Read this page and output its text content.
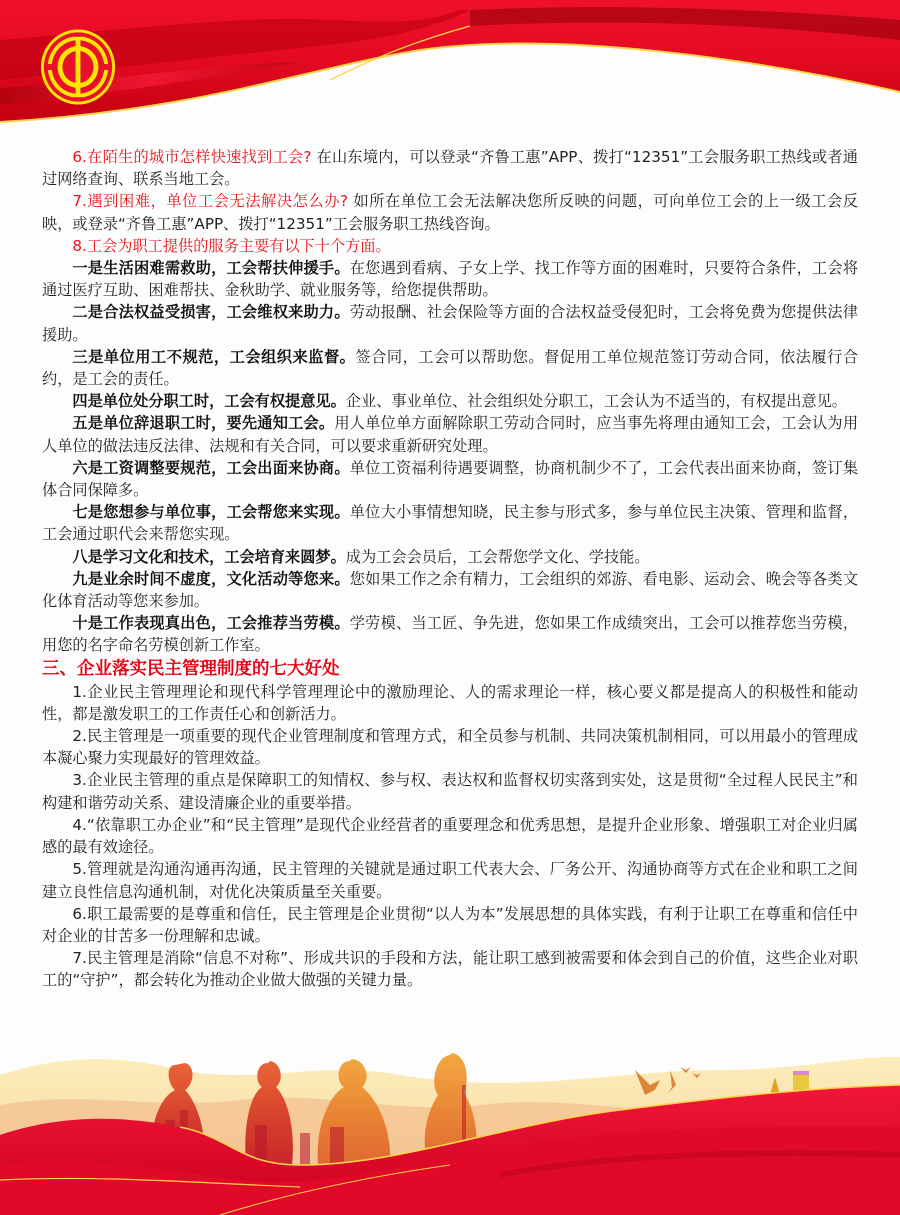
6.在陌生的城市怎样快速找到工会? 在山东境内，可以登录“齐鲁工惠”APP、拨打“12351”工会服务职工热线或者通过网络查询、联系当地工会。

7.遇到困难，单位工会无法解决怎么办? 如所在单位工会无法解决您所反映的问题，可向单位工会的上一级工会反映，或登录“齐鲁工惠”APP、拨打“12351”工会服务职工热线咨询。

8.工会为职工提供的服务主要有以下十个方面。

一是生活困难需救助，工会帮扶伸援手。在您遇到看病、子女上学、找工作等方面的困难时，只要符合条件，工会将通过医疗互助、困难帮扶、金秋助学、就业服务等，给您提供帮助。

二是合法权益受损害，工会维权来助力。劳动报酬、社会保险等方面的合法权益受侵犯时，工会将免费为您提供法律援助。

三是单位用工不规范，工会组织来监督。签合同，工会可以帮助您。督促用工单位规范签订劳动合同，依法履行合约，是工会的责任。

四是单位处分职工时，工会有权提意见。企业、事业单位、社会组织处分职工，工会认为不适当的，有权提出意见。

五是单位辞退职工时，要先通知工会。用人单位单方面解除职工劳动合同时，应当事先将理由通知工会，工会认为用人单位的做法违反法律、法规和有关合同，可以要求重新研究处理。

六是工资调整要规范，工会出面来协商。单位工资福利待遇要调整，协商机制少不了，工会代表出面来协商，签订集体合同保障多。

七是您想参与单位事，工会帮您来实现。单位大小事情想知晓，民主参与形式多，参与单位民主决策、管理和监督，工会通过职代会来帮您实现。

八是学习文化和技术，工会培育来圆梦。成为工会会员后，工会帮您学文化、学技能。

九是业余时间不虚度，文化活动等您来。您如果工作之余有精力，工会组织的郊游、看电影、运动会、晚会等各类文化体育活动等您来参加。

十是工作表现真出色，工会推荐当劳模。学劳模、当工匠、争先进，您如果工作成绩突出，工会可以推荐您当劳模，用您的名字命名劳模创新工作室。

三、企业落实民主管理制度的七大好处

1.企业民主管理理论和现代科学管理理论中的激励理论、人的需求理论一样，核心要义都是提高人的积极性和能动性，都是激发职工的工作责任心和创新活力。

2.民主管理是一项重要的现代企业管理制度和管理方式，和全员参与机制、共同决策机制相同，可以用最小的管理成本凝心聚力实现最好的管理效益。

3.企业民主管理的重点是保障职工的知情权、参与权、表达权和监督权切实落到实处，这是贯彻“全过程人民民主”和构建和谐劳动关系、建设清廉企业的重要举措。

4.“依靠职工办企业”和“民主管理”是现代企业经营者的重要理念和优秀思想，是提升企业形象、增强职工对企业归属感的最有效途径。

5.管理就是沟通沟通再沟通，民主管理的关键就是通过职工代表大会、厂务公开、沟通协商等方式在企业和职工之间建立良性信息沟通机制，对优化决策质量至关重要。

6.职工最需要的是尊重和信任，民主管理是企业贯彻“以人为本”发展思想的具体实践，有利于让职工在尊重和信任中对企业的甘苦多一份理解和忠诚。

7.民主管理是消除“信息不对称”、形成共识的手段和方法，能让职工感到被需要和体会到自己的价值，这些企业对职工的“守护”，都会转化为推动企业做大做强的关键力量。
